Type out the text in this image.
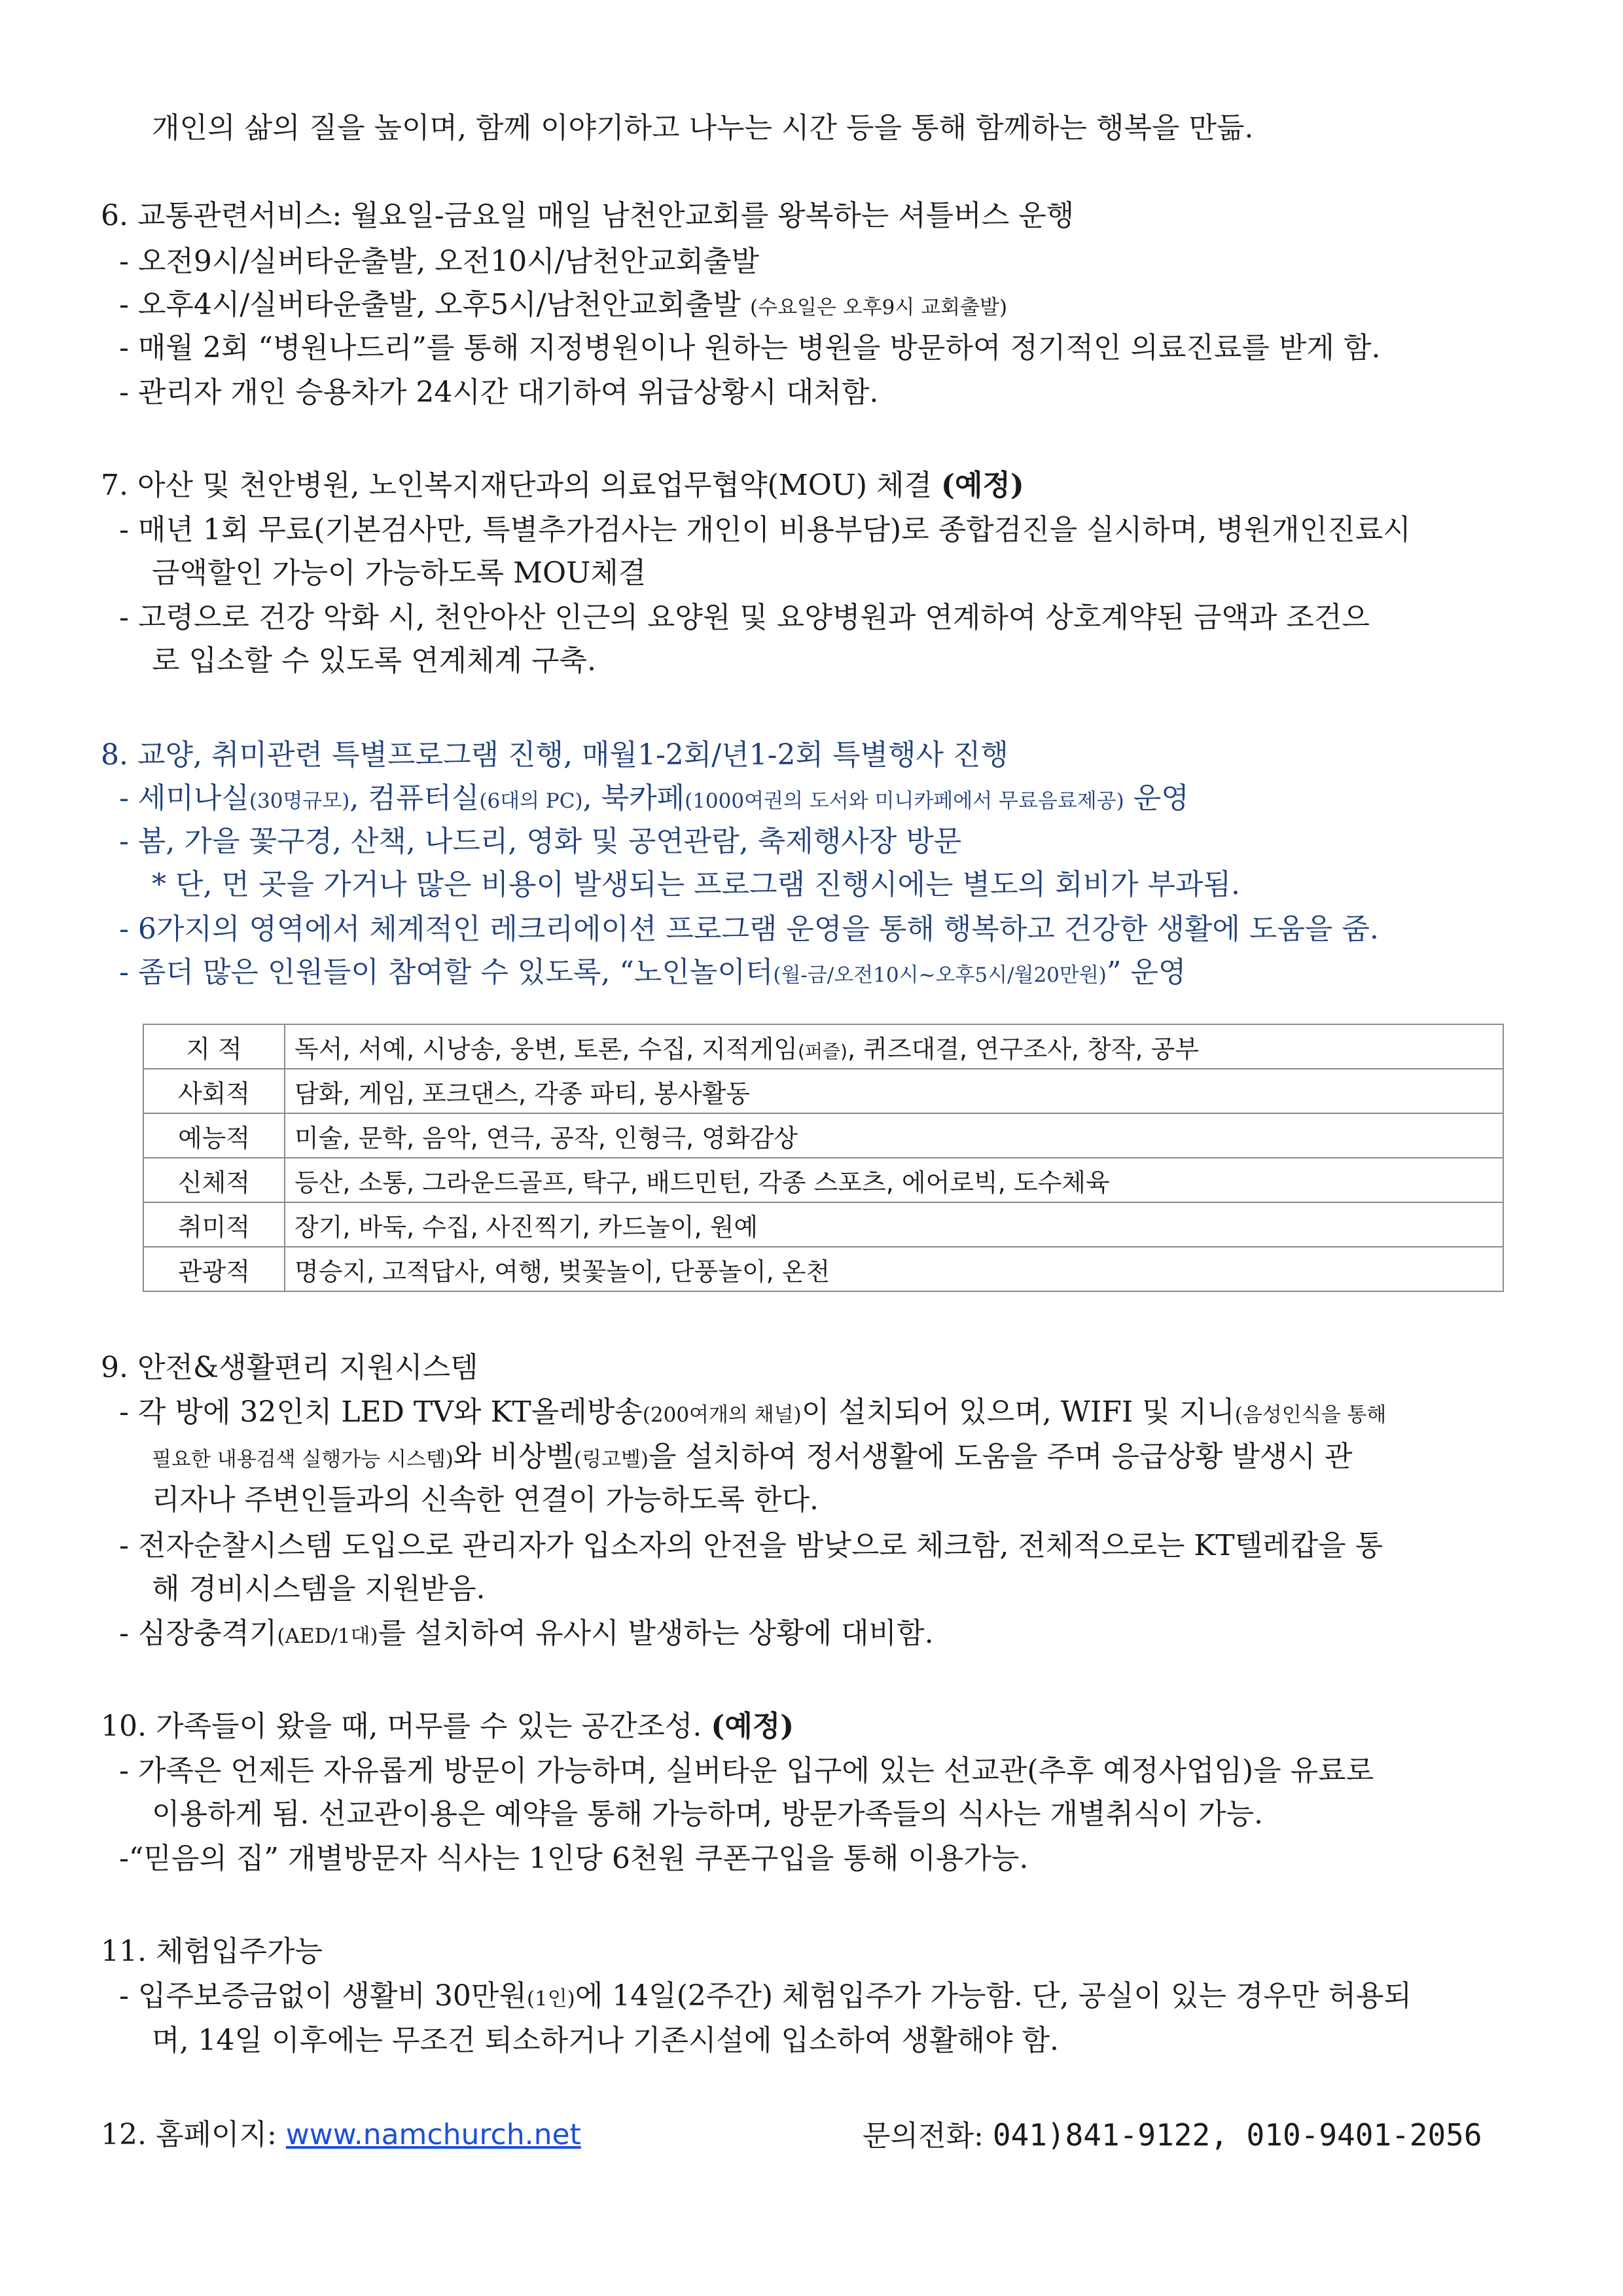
개인의 삶의 질을 높이며, 함께 이야기하고 나누는 시간 등을 통해 함께하는 행복을 만듦.
6. 교통관련서비스: 월요일-금요일 매일 남천안교회를 왕복하는 셔틀버스 운행
- 오전9시/실버타운출발, 오전10시/남천안교회출발
- 오후4시/실버타운출발, 오후5시/남천안교회출발 (수요일은 오후9시 교회출발)
- 매월 2회 “병원나드리”를 통해 지정병원이나 원하는 병원을 방문하여 정기적인 의료진료를 받게 함.
- 관리자 개인 승용차가 24시간 대기하여 위급상황시 대처함.
7. 아산 및 천안병원, 노인복지재단과의 의료업무협약(MOU) 체결 (예정)
- 매년 1회 무료(기본검사만, 특별추가검사는 개인이 비용부담)로 종합검진을 실시하며, 병원개인진료시
금액할인 가능이 가능하도록 MOU체결
- 고령으로 건강 악화 시, 천안아산 인근의 요양원 및 요양병원과 연계하여 상호계약된 금액과 조건으
로 입소할 수 있도록 연계체계 구축.
8. 교양, 취미관련 특별프로그램 진행, 매월1-2회/년1-2회 특별행사 진행
- 세미나실(30명규모), 컴퓨터실(6대의 PC), 북카페(1000여권의 도서와 미니카페에서 무료음료제공) 운영
- 봄, 가을 꽃구경, 산책, 나드리, 영화 및 공연관람, 축제행사장 방문
* 단, 먼 곳을 가거나 많은 비용이 발생되는 프로그램 진행시에는 별도의 회비가 부과됨.
- 6가지의 영역에서 체계적인 레크리에이션 프로그램 운영을 통해 행복하고 건강한 생활에 도움을 줌.
- 좀더 많은 인원들이 참여할 수 있도록, “노인놀이터(월-금/오전10시~오후5시/월20만원)” 운영
지 적	독서, 서예, 시낭송, 웅변, 토론, 수집, 지적게임(퍼즐), 퀴즈대결, 연구조사, 창작, 공부
사회적	담화, 게임, 포크댄스, 각종 파티, 봉사활동
예능적	미술, 문학, 음악, 연극, 공작, 인형극, 영화감상
신체적	등산, 소통, 그라운드골프, 탁구, 배드민턴, 각종 스포츠, 에어로빅, 도수체육
취미적	장기, 바둑, 수집, 사진찍기, 카드놀이, 원예
관광적	명승지, 고적답사, 여행, 벚꽃놀이, 단풍놀이, 온천
9. 안전&생활편리 지원시스템
- 각 방에 32인치 LED TV와 KT올레방송(200여개의 채널)이 설치되어 있으며, WIFI 및 지니(음성인식을 통해
필요한 내용검색 실행가능 시스템)와 비상벨(링고벨)을 설치하여 정서생활에 도움을 주며 응급상황 발생시 관
리자나 주변인들과의 신속한 연결이 가능하도록 한다.
- 전자순찰시스템 도입으로 관리자가 입소자의 안전을 밤낮으로 체크함, 전체적으로는 KT텔레캅을 통
해 경비시스템을 지원받음.
- 심장충격기(AED/1대)를 설치하여 유사시 발생하는 상황에 대비함.
10. 가족들이 왔을 때, 머무를 수 있는 공간조성. (예정)
- 가족은 언제든 자유롭게 방문이 가능하며, 실버타운 입구에 있는 선교관(추후 예정사업임)을 유료로
이용하게 됨. 선교관이용은 예약을 통해 가능하며, 방문가족들의 식사는 개별취식이 가능.
-“믿음의 집” 개별방문자 식사는 1인당 6천원 쿠폰구입을 통해 이용가능.
11. 체험입주가능
- 입주보증금없이 생활비 30만원(1인)에 14일(2주간) 체험입주가 가능함. 단, 공실이 있는 경우만 허용되
며, 14일 이후에는 무조건 퇴소하거나 기존시설에 입소하여 생활해야 함.
12. 홈페이지: www.namchurch.net	문의전화: 041)841-9122, 010-9401-2056
